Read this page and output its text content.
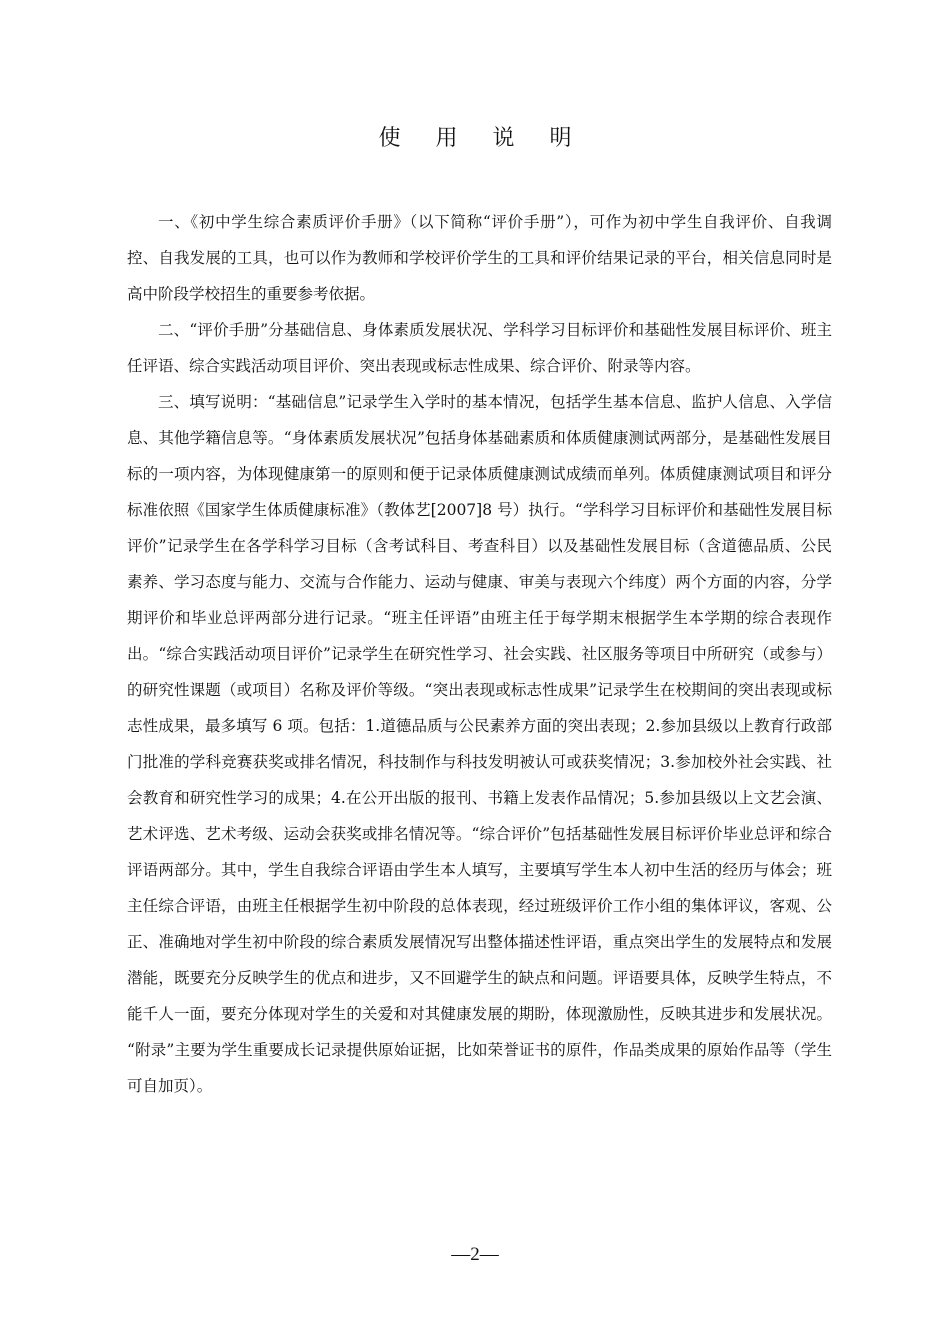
使 用 说 明

一、《初中学生综合素质评价手册》（以下简称“评价手册”），可作为初中学生自我评价、自我调控、自我发展的工具，也可以作为教师和学校评价学生的工具和评价结果记录的平台，相关信息同时是高中阶段学校招生的重要参考依据。

二、“评价手册”分基础信息、身体素质发展状况、学科学习目标评价和基础性发展目标评价、班主任评语、综合实践活动项目评价、突出表现或标志性成果、综合评价、附录等内容。

三、填写说明：“基础信息”记录学生入学时的基本情况，包括学生基本信息、监护人信息、入学信息、其他学籍信息等。“身体素质发展状况”包括身体基础素质和体质健康测试两部分，是基础性发展目标的一项内容，为体现健康第一的原则和便于记录体质健康测试成绩而单列。体质健康测试项目和评分标准依照《国家学生体质健康标准》（教体艺[2007]8 号）执行。“学科学习目标评价和基础性发展目标评价”记录学生在各学科学习目标（含考试科目、考查科目）以及基础性发展目标（含道德品质、公民素养、学习态度与能力、交流与合作能力、运动与健康、审美与表现六个纬度）两个方面的内容，分学期评价和毕业总评两部分进行记录。“班主任评语”由班主任于每学期末根据学生本学期的综合表现作出。“综合实践活动项目评价”记录学生在研究性学习、社会实践、社区服务等项目中所研究（或参与）的研究性课题（或项目）名称及评价等级。“突出表现或标志性成果”记录学生在校期间的突出表现或标志性成果，最多填写 6 项。包括：1.道德品质与公民素养方面的突出表现；2.参加县级以上教育行政部门批准的学科竞赛获奖或排名情况，科技制作与科技发明被认可或获奖情况；3.参加校外社会实践、社会教育和研究性学习的成果；4.在公开出版的报刊、书籍上发表作品情况；5.参加县级以上文艺会演、艺术评选、艺术考级、运动会获奖或排名情况等。“综合评价”包括基础性发展目标评价毕业总评和综合评语两部分。其中，学生自我综合评语由学生本人填写，主要填写学生本人初中生活的经历与体会；班主任综合评语，由班主任根据学生初中阶段的总体表现，经过班级评价工作小组的集体评议，客观、公正、准确地对学生初中阶段的综合素质发展情况写出整体描述性评语，重点突出学生的发展特点和发展潜能，既要充分反映学生的优点和进步，又不回避学生的缺点和问题。评语要具体，反映学生特点，不能千人一面，要充分体现对学生的关爱和对其健康发展的期盼，体现激励性，反映其进步和发展状况。 “附录”主要为学生重要成长记录提供原始证据，比如荣誉证书的原件，作品类成果的原始作品等（学生可自加页）。

—2—
